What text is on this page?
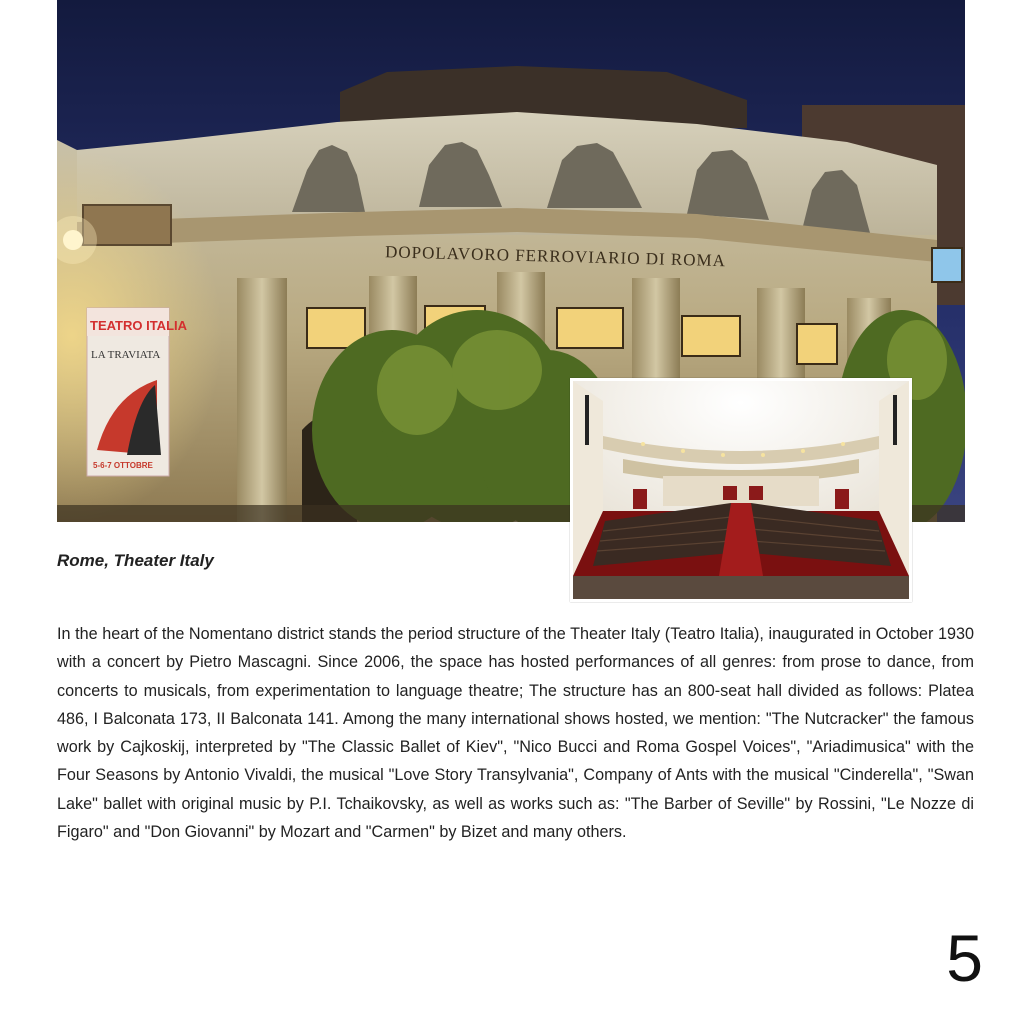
DOPOLAVORO FERROVIARIO DI ROMA
TEATRO ITALIA
LA TRAVIATA
5-6-7 OTTOBRE
Rome, Theater Italy

In the heart of the Nomentano district stands the period structure of the Theater Italy (Teatro Italia), inaugurated in October 1930 with a concert by Pietro Mascagni. Since 2006, the space has hosted performances of all genres: from prose to dance, from concerts to musicals, from experimentation to language theatre; The structure has an 800-seat hall divided as follows: Platea 486, I Balconata 173, II Balconata 141. Among the many international shows hosted, we mention: "The Nutcracker" the famous work by Cajkoskij, interpreted by "The Classic Ballet of Kiev", "Nico Bucci and Roma Gospel Voices", "Ariadimusica" with the Four Seasons by Antonio Vivaldi, the musical "Love Story Transylvania", Company of Ants with the musical "Cinderella", "Swan Lake" ballet with original music by P.I. Tchaikovsky, as well as works such as: "The Barber of Seville" by Rossini, "Le Nozze di Figaro" and "Don Giovanni" by Mozart and "Carmen" by Bizet and many others.

5
